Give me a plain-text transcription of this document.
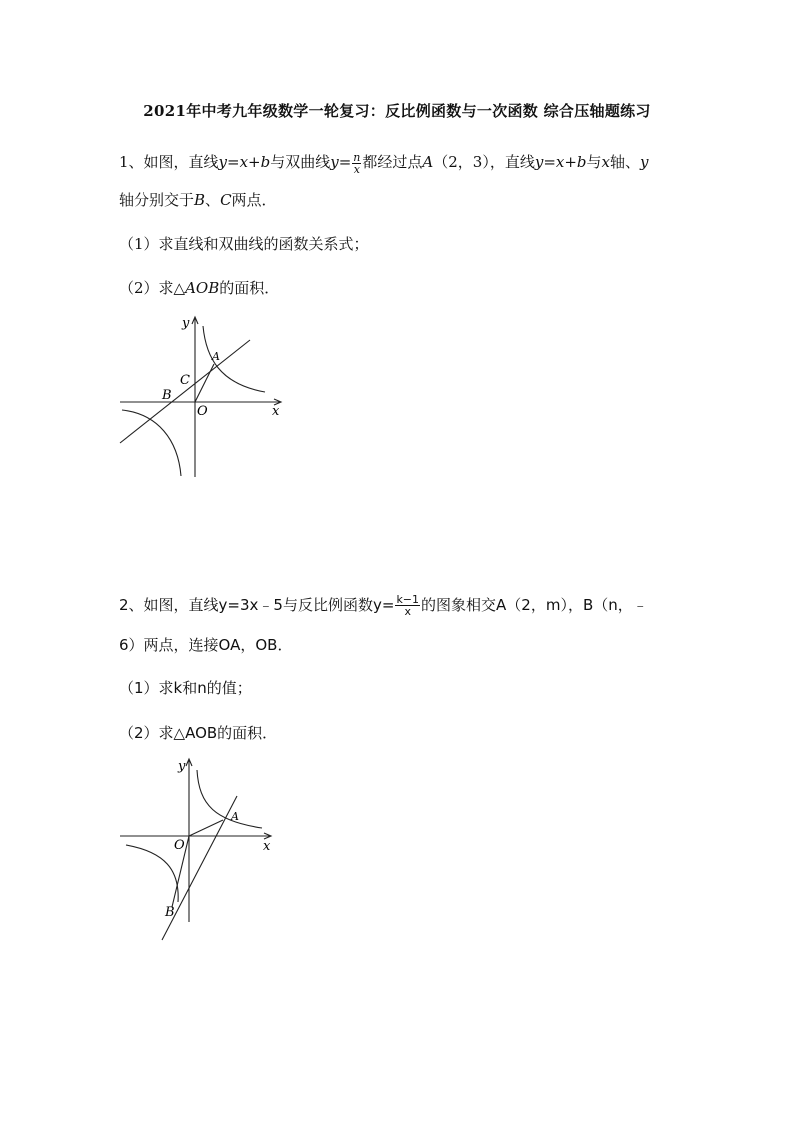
2021年中考九年级数学一轮复习：反比例函数与一次函数 综合压轴题练习
1、如图，直线y=x+b与双曲线$y= \frac{n}{x}$ 都经过点A（2，3），直线y=x+b与x轴、y
轴分别交于B、C两点．
（1）求直线和双曲线的函数关系式；
（2）求△AOB的面积．
y
A
C
B
O	x
2、如图，直线y=3x﹣5与反比例函数$y= \frac{k-1}{x}$ 的图象相交A（2，m），B（n，﹣
6）两点，连接OA，OB．
（1）求k和n的值；
（2）求△AOB的面积．
y
A
O	x
B
